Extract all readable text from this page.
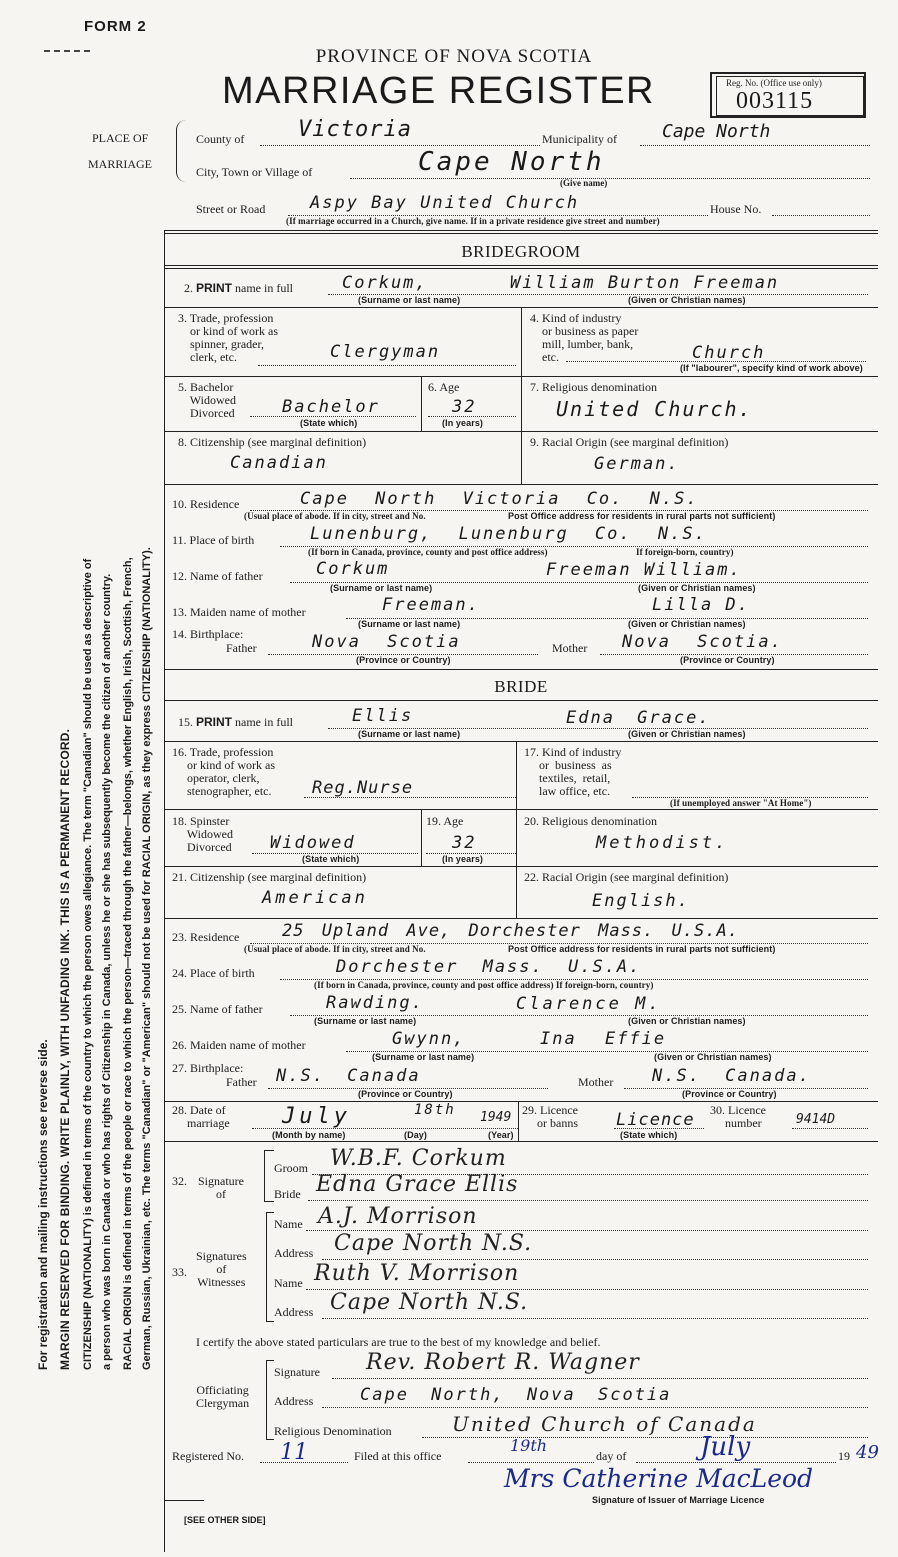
FORM 2
PROVINCE OF NOVA SCOTIA
MARRIAGE REGISTER	Reg. No. (Office use only)
003115
For registration and mailing instructions see reverse side. MARGIN RESERVED FOR BINDING. WRITE PLAINLY, WITH UNFADING INK. THIS IS A PERMANENT RECORD. CITIZENSHIP (NATIONALITY) is defined in terms of the country to which the person owes allegiance. The term "Canadian" should be used as descriptive of a person who was born in Canada or who has rights of Citizenship in Canada, unless he or she has subsequently become the citizen of another country. RACIAL ORIGIN is defined in terms of the people or race to which the person—traced through the father—belongs, whether English, Irish, Scottish, French, German, Russian, Ukrainian, etc. The terms "Canadian" or "American" should not be used for RACIAL ORIGIN, as they express CITIZENSHIP (NATIONALITY).
PLACE OF
MARRIAGE
County of Victoria	Municipality of	Cape North
City, Town or Village of	Cape North
(Give name)
Street or Road	Aspy Bay United Church	House No.
(If marriage occurred in a Church, give name. If in a private residence give street and number)
BRIDEGROOM
2. PRINT name in full	Corkum,	William Burton Freeman
(Surname or last name)	(Given or Christian names)
3. Trade, profession
or kind of work as
spinner, grader,
clerk, etc.	Clergyman
4. Kind of industry
or business as paper
mill, lumber, bank,
etc.	Church
(If "labourer", specify kind of work above)
5. Bachelor
Widowed
Divorced	Bachelor
(State which)
6. Age
32
(In years)
7. Religious denomination
United Church.
8. Citizenship (see marginal definition)
Canadian
9. Racial Origin (see marginal definition)
German.
10. Residence	Cape North Victoria Co. N.S.
(Usual place of abode. If in city, street and No.	Post Office address for residents in rural parts not sufficient)
11. Place of birth	Lunenburg, Lunenburg Co. N.S.
(If born in Canada, province, county and post office address)	If foreign-born, country)
12. Name of father	Corkum	Freeman William.
(Surname or last name)	(Given or Christian names)
13. Maiden name of mother	Freeman.	Lilla D.
(Surname or last name)	(Given or Christian names)
14. Birthplace:
Father	Nova Scotia	Mother Nova Scotia.
(Province or Country)	(Province or Country)
BRIDE
15. PRINT name in full	Ellis	Edna Grace.
(Surname or last name)	(Given or Christian names)
16. Trade, profession
or kind of work as
operator, clerk,
stenographer, etc. Reg.Nurse
17. Kind of industry
or  business  as
textiles,  retail,
law office, etc.
(If unemployed answer "At Home")
18. Spinster
Widowed
Divorced Widowed
(State which)
19. Age
32
(In years)
20. Religious denomination
Methodist.
21. Citizenship (see marginal definition)
American
22. Racial Origin (see marginal definition)
English.
23. Residence	25 Upland Ave, Dorchester Mass. U.S.A.
(Usual place of abode. If in city, street and No.	Post Office address for residents in rural parts not sufficient)
24. Place of birth	Dorchester Mass. U.S.A.
(If born in Canada, province, county and post office address) If foreign-born, country)
25. Name of father	Rawding.	Clarence M.
(Surname or last name)	(Given or Christian names)
26. Maiden name of mother	Gwynn,	Ina Effie
(Surname or last name)	(Given or Christian names)
27. Birthplace:
Father N.S. Canada	Mother N.S. Canada.
(Province or Country)	(Province or Country)
28. Date of
marriage July	18th 1949
(Month by name)	(Day)	(Year)
29. Licence
or banns Licence
(State which)
30. Licence
number	9414D
32. Signature
of
Groom W.B.F. Corkum
Bride Edna Grace Ellis
33.
Signatures
of
Witnesses
Name A.J. Morrison
Address Cape North N.S.
Name Ruth V. Morrison
Address Cape North N.S.
I certify the above stated particulars are true to the best of my knowledge and belief.
Officiating
Clergyman
Signature Rev. Robert R. Wagner
Address	Cape North, Nova Scotia
Religious Denomination	United Church of Canada
Registered No. 11	Filed at this office
19th
day of	July	19 49
Mrs Catherine MacLeod
Signature of Issuer of Marriage Licence
[SEE OTHER SIDE]
